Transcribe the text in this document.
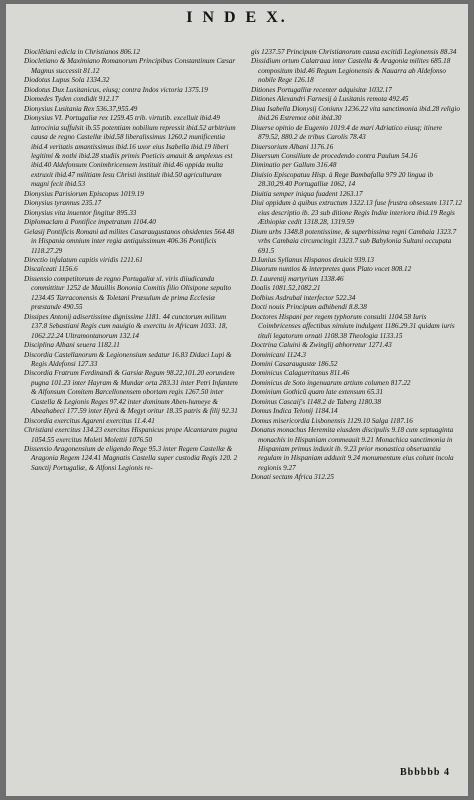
I N D E X.
Dioclētiani edicla in Christianos 806.12
Diocletiano & Maximiano Romanorum Principibus Constantinum Cæsar Magnus successit 81.12
Diodotus Lupus Sola 1334.32
Diodotus Dux Lusitanicus, eiusq; contra Indos victoria 1375.19
Diomedes Tyden condidit 912.17
Dionysius Lusitania Rex 536.37,955.49
Dionysius VI. Portugaliæ rex 1259.45 trib. virtutib. excelluit ibid.49 latrocinia suffulsit ib.55 potentiam nobilium repressit ibid.52 arbitrium causa de regno Castellæ ibid.58 liberalissimus 1260.2 munificentia ibid.4 veritatis amantissimus ibid.16 uxor eius Isabella ibid.19 liberi legitimi & nothi ibid.28 studiis primis Poeticis amauit & amplexus est ibid.40 Aldefonsum Conimbricensem instituit ibid.46 oppida multa extruxit ibid.47 militiam Iesu Christi instituit ibid.50 agriculturam magni fecit ibid.53
Dionysius Parisiorum Episcopus 1019.19
Dionysius tyrannus 235.17
Dionysius vita inuentor fingitur 895.33
Diplomaclam à Pontifice impetratum 1104.40
Gelasij Pontificis Romani ad milites Casaraugustanos obsidentes 564.48 in Hispania omnium inter regia antiquissimum 406.36 Pontificis 1118.27.29
Directio infulatum capitis viridis 1211.61
Discalceati 1156.6
Dissensio competitorum de regno Portugaliæ xl. viris diiudicanda committitur 1252 de Mauillis Bononia Comitis filio Olisipone sepulto 1234.45 Tarraconensis & Toletani Præsulum de prima Ecclesiæ præstande 490.55
Dissipes Antonij adisertissime dignissime 1181. 44 cunctorum militum 137.8 Sebastiani Regis cum nauigio & exercitu in Africam 1033. 18, 1062.22.24 Ultramontanorum 132.14
Disciplina Albani seuera 1182.11
Discordia Castellanorum & Legionensium sedatur 16.83 Didaci Lupi & Regis Aldefonsi 127.33
Discordia Fratrum Ferdinandi & Garsiæ Regum 98.22,101.20 eorundem pugna 101.23 inter Hayram & Mundar orta 283.31 inter Petri Infantem & Alfonsum Comitem Barcellonensem obortam regis 1267.50 inter Castella & Legionis Reges 97.42 inter dominum Aben-humeye & Abeahabeci 177.59 inter Hyrà & Megyt oritur 18.35 patris & filij 92.31
Discordia exercitus Agareni exercitus 11.4.41
Christiani exercitus 134.23 exercitus Hispanicus prope Alcantaram pugna 1054.55 exercitus Moleti Molettii 1076.50
Dissensio Aragonensium de eligendo Rege 95.3 inter Regem Castellæ & Aragonia Regem 124.41 Magnatis Castella super custodia Regis 120. 2 Sanctij Portugaliæ, & Alfonsi Legionis re-
gis 1237.57 Principum Christianorum causa excitidi Legionensis 88.34
Dissidium ortum Calatraua inter Castella & Aragonia milites 685.18 compositum ibid.46 Regum Legionensis & Nauarra ab Aldefonso nobile Rege 126.18
Ditiones Portugalliæ recenter adquisitæ 1032.17
Ditiones Alexandri Farnesij à Lusitanis remota 492.45
Diua Isabella Dionysij Coniunx 1236.22 vita sanctimonia ibid.28 religio ibid.26 Estremoz obit ibid.30
Diuerse opinio de Eugenio 1019.4 de mari Adriatico eiusq; itinere 879.52, 880.2 de tribus Carolis 78.43
Diuersorium Albani 1176.16
Diuersum Consilium de procedendo contra Paulum 54.16
Diminatio per Gallum 316.48
Diuisio Episcopatuu Hisp. à Rege Bambafalla 979 20 lingua ib 28.30,29.40 Portugalliæ 1062, 14
Diuitia semper iniqua fuadent 1263.17
Diui oppidum à quibus extructum 1322.13 fuse frustra obsessum 1317.12 eius descriptio ib. 23 sub ditione Regis Indiæ interiora ibid.19 Regis Æthiopiæ cedit 1318.28, 1319.59
Dium urbs 1348.8 potentissime, & superbissima regni Cambaia 1323.7 vrbs Cambaia circumcingit 1323.7 sub Babylonia Sultani occupata 691.5
D.Iunius Syllanus Hispanos deuicit 939.13
Diuorum nuntios & interpretes quos Plato vocet 808.12
D. Laurentij martyrium 1338.46
Doalis 1081.52,1082.21
Dolbius Asdrubal interfector 522.34
Docti nouis Principum adhibendi 8.8.38
Doctores Hispani per regem typhorum consulti 1104.58 Iuris Coimbricenses affectibus nimium indulgent 1186.29.31 quidam iuris tituli legatorum ornati 1108.38 Theologia 1133.15
Doctrina Caluini & Zwinglij abhorretur 1271.43
Dominicani 1124.3
Domini Casaraugustæ 186.52
Dominicus Calagurritanus 811.46
Dominicus de Soto ingenuarum artium columen 817.22
Dominium Gothicū quam late extensum 65.31
Dominus Cascaij's 1148.2 de Taberg 1180.38
Domus Indica Telonij 1184.14
Domus misericordia Lisbonensis 1129.10 Salga 1187.16
Donatus monachus Heremita eiusdem discipulis 9.18 cum septuaginta monachis in Hispaniam commeauit 9.21 Monachica sanctimonia in Hispaniam primus induxit ib. 9.23 prior monastica obseruantia regulam in Hispaniam adduxit 9.24 monumentum eius colunt incola regionis 9.27
Donati sectam Africa 312.25
Bbbbbb 4
